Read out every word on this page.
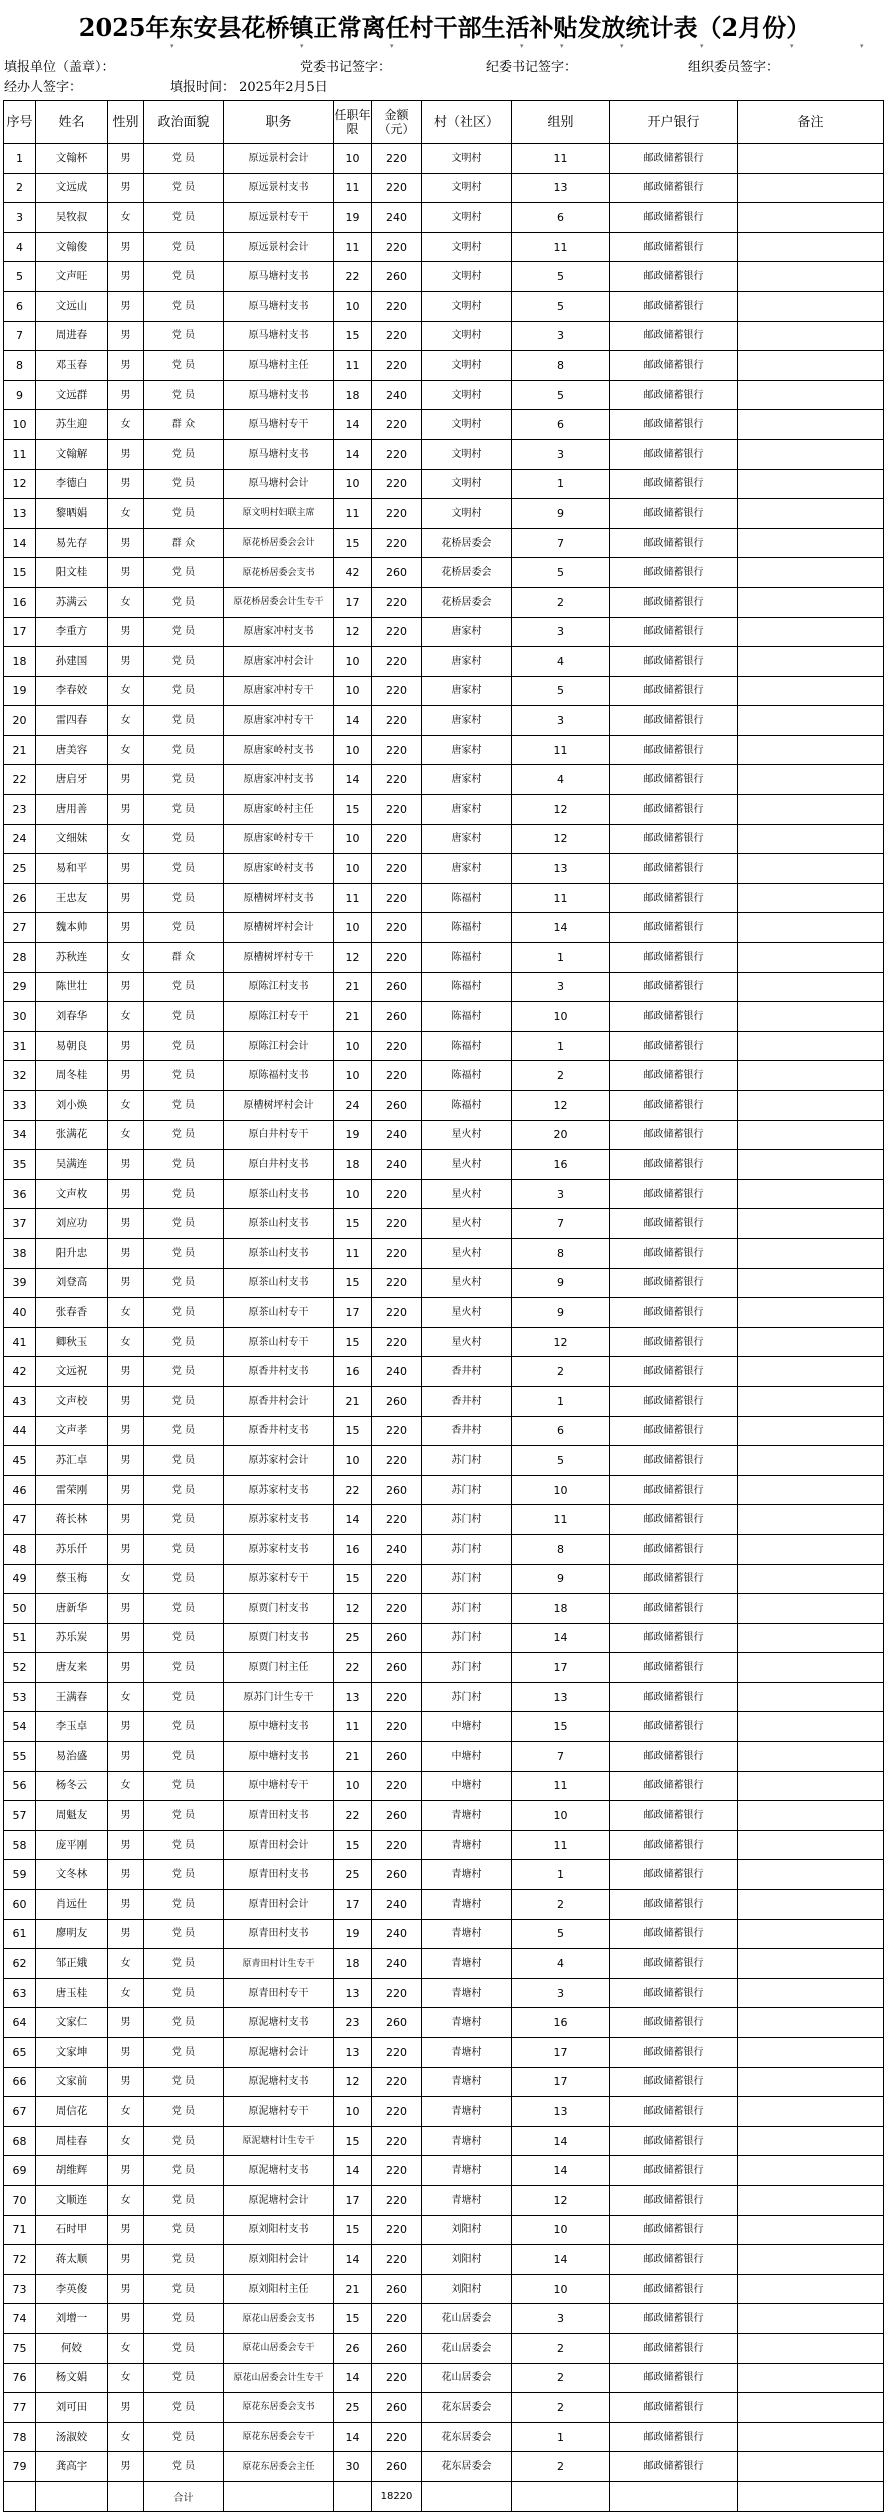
2025年东安县花桥镇正常离任村干部生活补贴发放统计表（2月份）
▾	▾	▾	▾	▾	▾	▾	▾	▾
填报单位（盖章）：	党委书记签字：	纪委书记签字：	组织委员签字：
经办人签字：	填报时间： 2025年2月5日
序号	姓名	性别	政治面貌	职务	任职年限	金额（元）	村（社区）	组别	开户银行	备注
1	文翰杯	男	党 员	原远景村会计	10	220	文明村	11	邮政储蓄银行	
2	文远成	男	党 员	原远景村支书	11	220	文明村	13	邮政储蓄银行	
3	吴牧叔	女	党 员	原远景村专干	19	240	文明村	6	邮政储蓄银行	
4	文翰俊	男	党 员	原远景村会计	11	220	文明村	11	邮政储蓄银行	
5	文声旺	男	党 员	原马塘村支书	22	260	文明村	5	邮政储蓄银行	
6	文远山	男	党 员	原马塘村支书	10	220	文明村	5	邮政储蓄银行	
7	周进春	男	党 员	原马塘村支书	15	220	文明村	3	邮政储蓄银行	
8	邓玉春	男	党 员	原马塘村主任	11	220	文明村	8	邮政储蓄银行	
9	文远群	男	党 员	原马塘村支书	18	240	文明村	5	邮政储蓄银行	
10	苏生迎	女	群 众	原马塘村专干	14	220	文明村	6	邮政储蓄银行	
11	文翰解	男	党 员	原马塘村支书	14	220	文明村	3	邮政储蓄银行	
12	李德白	男	党 员	原马塘村会计	10	220	文明村	1	邮政储蓄银行	
13	黎晒娟	女	党 员	原文明村妇联主席	11	220	文明村	9	邮政储蓄银行	
14	易先存	男	群 众	原花桥居委会会计	15	220	花桥居委会	7	邮政储蓄银行	
15	阳文桂	男	党 员	原花桥居委会支书	42	260	花桥居委会	5	邮政储蓄银行	
16	苏满云	女	党 员	原花桥居委会计生专干	17	220	花桥居委会	2	邮政储蓄银行	
17	李重方	男	党 员	原唐家冲村支书	12	220	唐家村	3	邮政储蓄银行	
18	孙建国	男	党 员	原唐家冲村会计	10	220	唐家村	4	邮政储蓄银行	
19	李春姣	女	党 员	原唐家冲村专干	10	220	唐家村	5	邮政储蓄银行	
20	雷四春	女	党 员	原唐家冲村专干	14	220	唐家村	3	邮政储蓄银行	
21	唐美容	女	党 员	原唐家岭村支书	10	220	唐家村	11	邮政储蓄银行	
22	唐启牙	男	党 员	原唐家冲村支书	14	220	唐家村	4	邮政储蓄银行	
23	唐用善	男	党 员	原唐家岭村主任	15	220	唐家村	12	邮政储蓄银行	
24	文细妹	女	党 员	原唐家岭村专干	10	220	唐家村	12	邮政储蓄银行	
25	易和平	男	党 员	原唐家岭村支书	10	220	唐家村	13	邮政储蓄银行	
26	王忠友	男	党 员	原槽树坪村支书	11	220	陈福村	11	邮政储蓄银行	
27	魏本帅	男	党 员	原槽树坪村会计	10	220	陈福村	14	邮政储蓄银行	
28	苏秋连	女	群 众	原槽树坪村专干	12	220	陈福村	1	邮政储蓄银行	
29	陈世壮	男	党 员	原陈江村支书	21	260	陈福村	3	邮政储蓄银行	
30	刘春华	女	党 员	原陈江村专干	21	260	陈福村	10	邮政储蓄银行	
31	易朝良	男	党 员	原陈江村会计	10	220	陈福村	1	邮政储蓄银行	
32	周冬桂	男	党 员	原陈福村支书	10	220	陈福村	2	邮政储蓄银行	
33	刘小焕	女	党 员	原槽树坪村会计	24	260	陈福村	12	邮政储蓄银行	
34	张满花	女	党 员	原白井村专干	19	240	星火村	20	邮政储蓄银行	
35	吴满连	男	党 员	原白井村支书	18	240	星火村	16	邮政储蓄银行	
36	文声枚	男	党 员	原茶山村支书	10	220	星火村	3	邮政储蓄银行	
37	刘应功	男	党 员	原茶山村支书	15	220	星火村	7	邮政储蓄银行	
38	阳升忠	男	党 员	原茶山村支书	11	220	星火村	8	邮政储蓄银行	
39	刘登高	男	党 员	原茶山村支书	15	220	星火村	9	邮政储蓄银行	
40	张春香	女	党 员	原茶山村专干	17	220	星火村	9	邮政储蓄银行	
41	卿秋玉	女	党 员	原茶山村专干	15	220	星火村	12	邮政储蓄银行	
42	文远祝	男	党 员	原香井村支书	16	240	香井村	2	邮政储蓄银行	
43	文声校	男	党 员	原香井村会计	21	260	香井村	1	邮政储蓄银行	
44	文声孝	男	党 员	原香井村支书	15	220	香井村	6	邮政储蓄银行	
45	苏汇卓	男	党 员	原苏家村会计	10	220	苏门村	5	邮政储蓄银行	
46	雷荣刚	男	党 员	原苏家村支书	22	260	苏门村	10	邮政储蓄银行	
47	蒋长林	男	党 员	原苏家村支书	14	220	苏门村	11	邮政储蓄银行	
48	苏乐仟	男	党 员	原苏家村支书	16	240	苏门村	8	邮政储蓄银行	
49	蔡玉梅	女	党 员	原苏家村专干	15	220	苏门村	9	邮政储蓄银行	
50	唐新华	男	党 员	原贾门村支书	12	220	苏门村	18	邮政储蓄银行	
51	苏乐炭	男	党 员	原贾门村支书	25	260	苏门村	14	邮政储蓄银行	
52	唐友来	男	党 员	原贾门村主任	22	260	苏门村	17	邮政储蓄银行	
53	王满春	女	党 员	原苏门计生专干	13	220	苏门村	13	邮政储蓄银行	
54	李玉卓	男	党 员	原中塘村支书	11	220	中塘村	15	邮政储蓄银行	
55	易治盛	男	党 员	原中塘村支书	21	260	中塘村	7	邮政储蓄银行	
56	杨冬云	女	党 员	原中塘村专干	10	220	中塘村	11	邮政储蓄银行	
57	周魁友	男	党 员	原青田村支书	22	260	青塘村	10	邮政储蓄银行	
58	庞平刚	男	党 员	原青田村会计	15	220	青塘村	11	邮政储蓄银行	
59	文冬林	男	党 员	原青田村支书	25	260	青塘村	1	邮政储蓄银行	
60	肖远仕	男	党 员	原青田村会计	17	240	青塘村	2	邮政储蓄银行	
61	廖明友	男	党 员	原青田村支书	19	240	青塘村	5	邮政储蓄银行	
62	邹正娥	女	党 员	原青田村计生专干	18	240	青塘村	4	邮政储蓄银行	
63	唐玉桂	女	党 员	原青田村专干	13	220	青塘村	3	邮政储蓄银行	
64	文家仁	男	党 员	原泥塘村支书	23	260	青塘村	16	邮政储蓄银行	
65	文家坤	男	党 员	原泥塘村会计	13	220	青塘村	17	邮政储蓄银行	
66	文家前	男	党 员	原泥塘村支书	12	220	青塘村	17	邮政储蓄银行	
67	周信花	女	党 员	原泥塘村专干	10	220	青塘村	13	邮政储蓄银行	
68	周桂春	女	党 员	原泥塘村计生专干	15	220	青塘村	14	邮政储蓄银行	
69	胡维辉	男	党 员	原泥塘村支书	14	220	青塘村	14	邮政储蓄银行	
70	文顺连	女	党 员	原泥塘村会计	17	220	青塘村	12	邮政储蓄银行	
71	石时甲	男	党 员	原刘阳村支书	15	220	刘阳村	10	邮政储蓄银行	
72	蒋太顺	男	党 员	原刘阳村会计	14	220	刘阳村	14	邮政储蓄银行	
73	李英俊	男	党 员	原刘阳村主任	21	260	刘阳村	10	邮政储蓄银行	
74	刘增一	男	党 员	原花山居委会支书	15	220	花山居委会	3	邮政储蓄银行	
75	何姣	女	党 员	原花山居委会专干	26	260	花山居委会	2	邮政储蓄银行	
76	杨文娟	女	党 员	原花山居委会计生专干	14	220	花山居委会	2	邮政储蓄银行	
77	刘可田	男	党 员	原花东居委会支书	25	260	花东居委会	2	邮政储蓄银行	
78	汤淑姣	女	党 员	原花东居委会专干	14	220	花东居委会	1	邮政储蓄银行	
79	龚高宇	男	党 员	原花东居委会主任	30	260	花东居委会	2	邮政储蓄银行	
			合计			18220				
